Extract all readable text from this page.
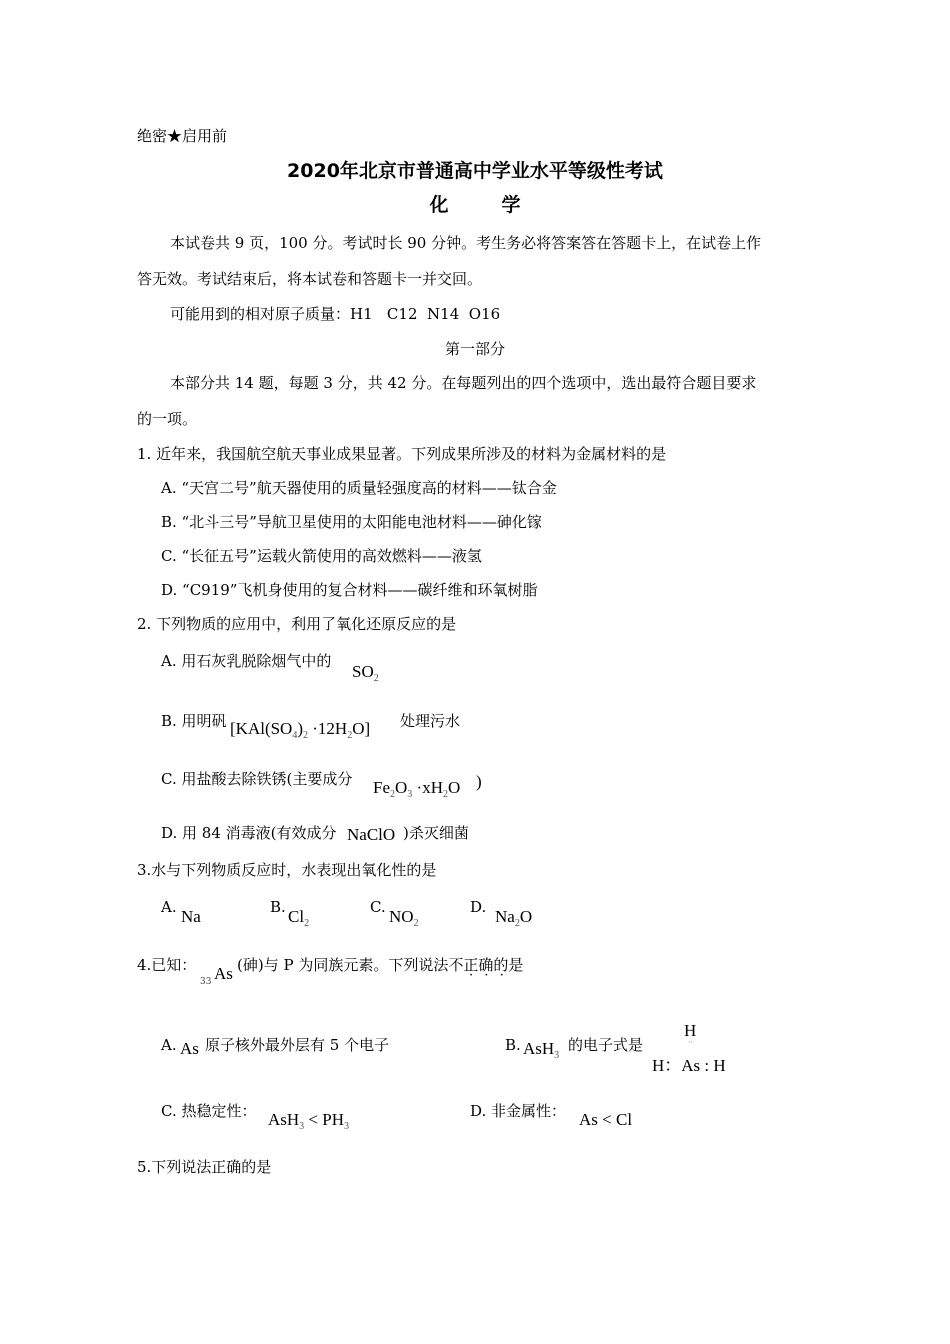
绝密★启用前
2020年北京市普通高中学业水平等级性考试
化        学
本试卷共 9 页，100 分。考试时长 90 分钟。考生务必将答案答在答题卡上，在试卷上作
答无效。考试结束后，将本试卷和答题卡一并交回。
可能用到的相对原子质量：H1   C12  N14  O16
第一部分
本部分共 14 题，每题 3 分，共 42 分。在每题列出的四个选项中，选出最符合题目要求
的一项。
1. 近年来，我国航空航天事业成果显著。下列成果所涉及的材料为金属材料的是
A. “天宫二号”航天器使用的质量轻强度高的材料——钛合金
B. “北斗三号”导航卫星使用的太阳能电池材料——砷化镓
C. “长征五号”运载火箭使用的高效燃料——液氢
D. “C919”飞机身使用的复合材料——碳纤维和环氧树脂
2. 下列物质的应用中，利用了氧化还原反应的是
A. 用石灰乳脱除烟气中的
$SO_2$
B. 用明矾 $[KAl(SO_4)_2 \cdot 12H_2O]$ 处理污水
C. 用盐酸去除铁锈(主要成分 $Fe_2O_3 \cdot xH_2O$ )
D. 用 84 消毒液(有效成分 NaClO )杀灭细菌
3.水与下列物质反应时，水表现出氧化性的是
A. Na	B. $Cl_2$
C. $NO_2$
D. $Na_2O$
4.已知：
33 As (砷)与 P 为同族元素。下列说法不正确的是
·  ·  ·
A. As 原子核外最外层有 5 个电子	B. AsH$_3$
的电子式是
H
··
H：As : H
C. 热稳定性： $AsH_3 < PH_3$
D. 非金属性： As < Cl
5.下列说法正确的是
